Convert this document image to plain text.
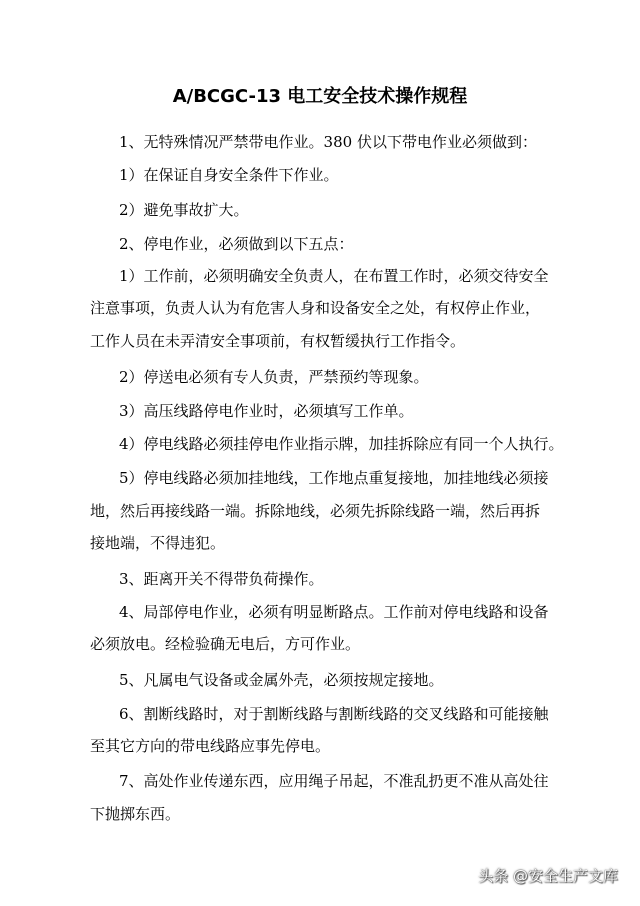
A/BCGC-13 电工安全技术操作规程
1、无特殊情况严禁带电作业。380 伏以下带电作业必须做到：
1）在保证自身安全条件下作业。
2）避免事故扩大。
2、停电作业，必须做到以下五点：
1）工作前，必须明确安全负责人，在布置工作时，必须交待安全
注意事项，负责人认为有危害人身和设备安全之处，有权停止作业，
工作人员在未弄清安全事项前，有权暂缓执行工作指令。
2）停送电必须有专人负责，严禁预约等现象。
3）高压线路停电作业时，必须填写工作单。
4）停电线路必须挂停电作业指示牌，加挂拆除应有同一个人执行。
5）停电线路必须加挂地线，工作地点重复接地，加挂地线必须接
地，然后再接线路一端。拆除地线，必须先拆除线路一端，然后再拆
接地端，不得违犯。
3、距离开关不得带负荷操作。
4、局部停电作业，必须有明显断路点。工作前对停电线路和设备
必须放电。经检验确无电后，方可作业。
5、凡属电气设备或金属外壳，必须按规定接地。
6、割断线路时，对于割断线路与割断线路的交叉线路和可能接触
至其它方向的带电线路应事先停电。
7、高处作业传递东西，应用绳子吊起，不准乱扔更不准从高处往
下抛掷东西。
头条 @安全生产文库
